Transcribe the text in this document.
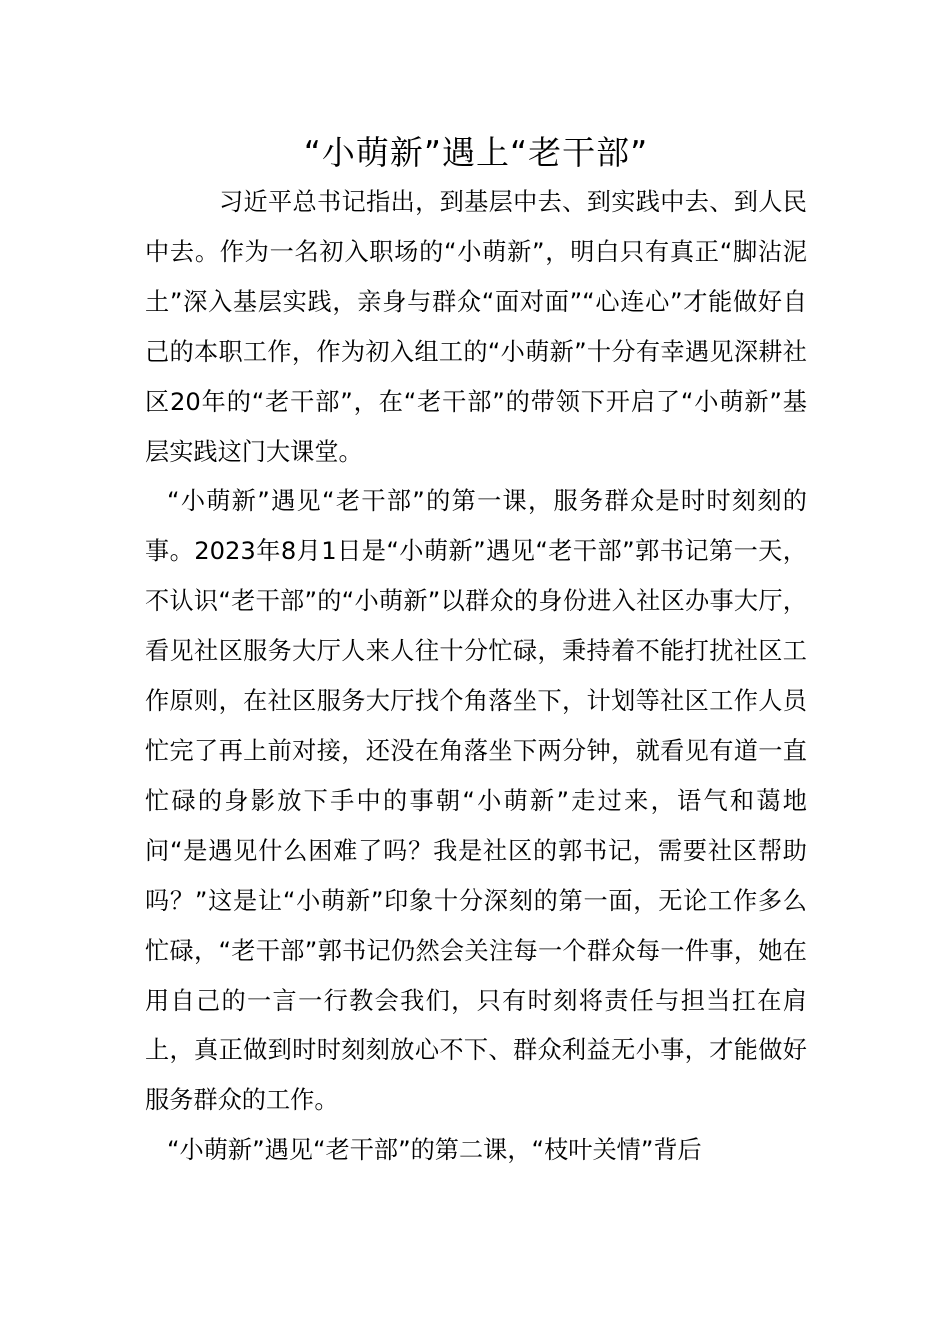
“小萌新”遇上“老干部”

习近平总书记指出，到基层中去、到实践中去、到人民中去。作为一名初入职场的“小萌新”，明白只有真正“脚沾泥土”深入基层实践，亲身与群众“面对面”“心连心”才能做好自己的本职工作，作为初入组工的“小萌新”十分有幸遇见深耕社区20年的“老干部”，在“老干部”的带领下开启了“小萌新”基层实践这门大课堂。

“小萌新”遇见“老干部”的第一课，服务群众是时时刻刻的事。2023年8月1日是“小萌新”遇见“老干部”郭书记第一天，不认识“老干部”的“小萌新”以群众的身份进入社区办事大厅，看见社区服务大厅人来人往十分忙碌，秉持着不能打扰社区工作原则，在社区服务大厅找个角落坐下，计划等社区工作人员忙完了再上前对接，还没在角落坐下两分钟，就看见有道一直忙碌的身影放下手中的事朝“小萌新”走过来，语气和蔼地问“是遇见什么困难了吗？我是社区的郭书记，需要社区帮助吗？”这是让“小萌新”印象十分深刻的第一面，无论工作多么忙碌，“老干部”郭书记仍然会关注每一个群众每一件事，她在用自己的一言一行教会我们，只有时刻将责任与担当扛在肩上，真正做到时时刻刻放心不下、群众利益无小事，才能做好服务群众的工作。

“小萌新”遇见“老干部”的第二课，“枝叶关情”背后
